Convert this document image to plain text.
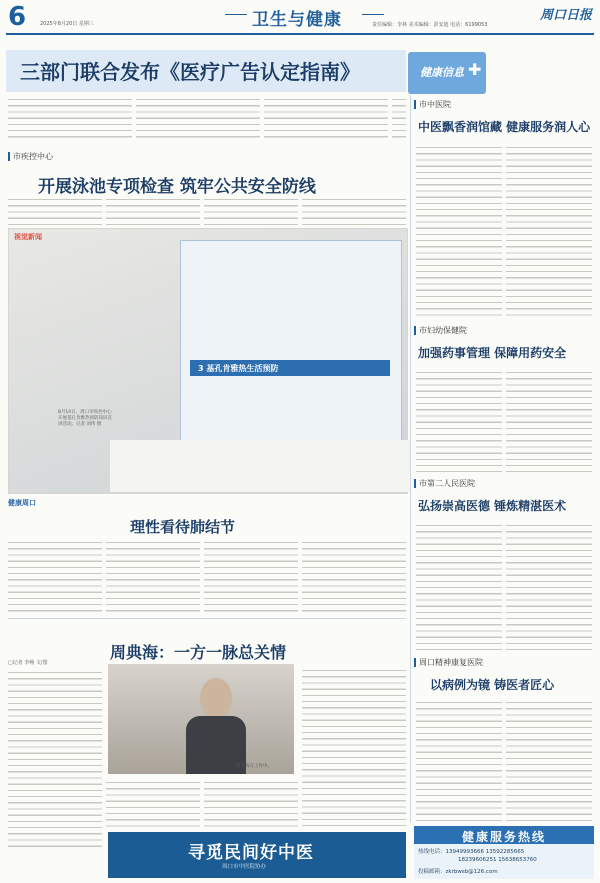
6	2025年8月20日 星期三	卫生与健康	责任编辑：李林 美术编辑：彭安迪 电话：6199053
周口日报
三部门联合发布《医疗广告认定指南》	健康信息 ✚
市疾控中心
开展泳池专项检查 筑牢公共安全防线
视觉新闻
3 基孔肯雅热生活预防
8月14日，周口市疾控中心开展基孔肯雅热预防知识宣讲活动。记者 刘伟 摄
健康周口
理性看待肺结节
周典海：一方一脉总关情
□记者 李畅 文/图
周典海在工作中。
寻觅民间好中医
周口市中医院协办
市中医院
中医飘香润馆藏 健康服务润人心
市妇幼保健院
加强药事管理 保障用药安全
市第二人民医院
弘扬崇高医德 锤炼精湛医术
周口精神康复医院
以病例为镜 铸医者匠心
健康服务热线
热线电话：13949993666 13592285665
18239606251 15638653760
投稿邮箱：zkrbwsb@126.com
